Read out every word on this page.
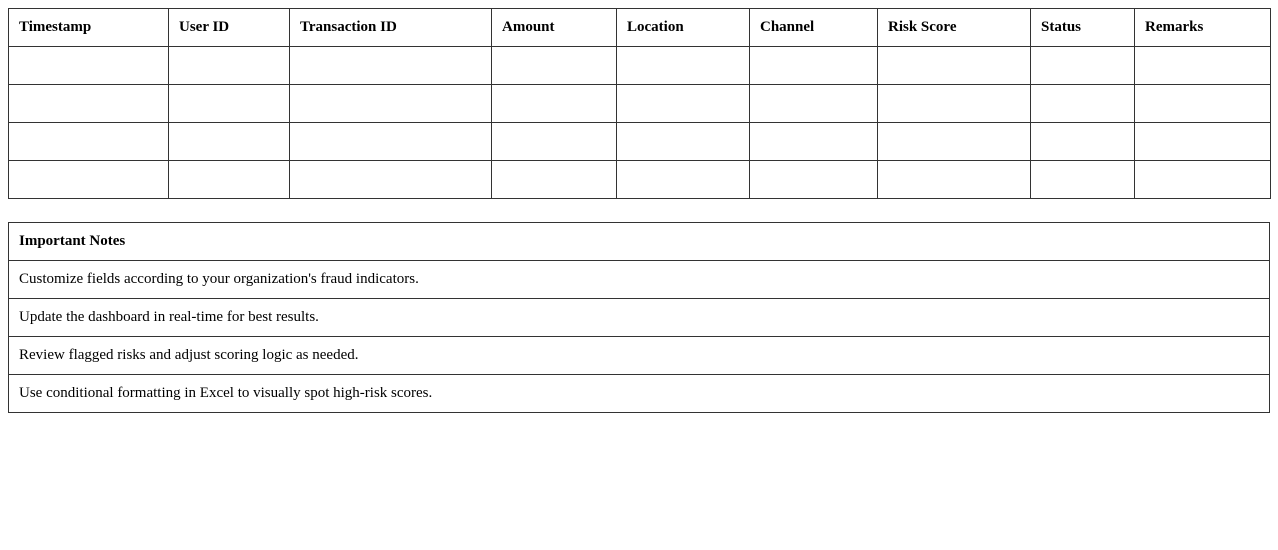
Timestamp	User ID	Transaction ID	Amount	Location	Channel	Risk Score	Status	Remarks

Important Notes
Customize fields according to your organization's fraud indicators.
Update the dashboard in real-time for best results.
Review flagged risks and adjust scoring logic as needed.
Use conditional formatting in Excel to visually spot high-risk scores.
